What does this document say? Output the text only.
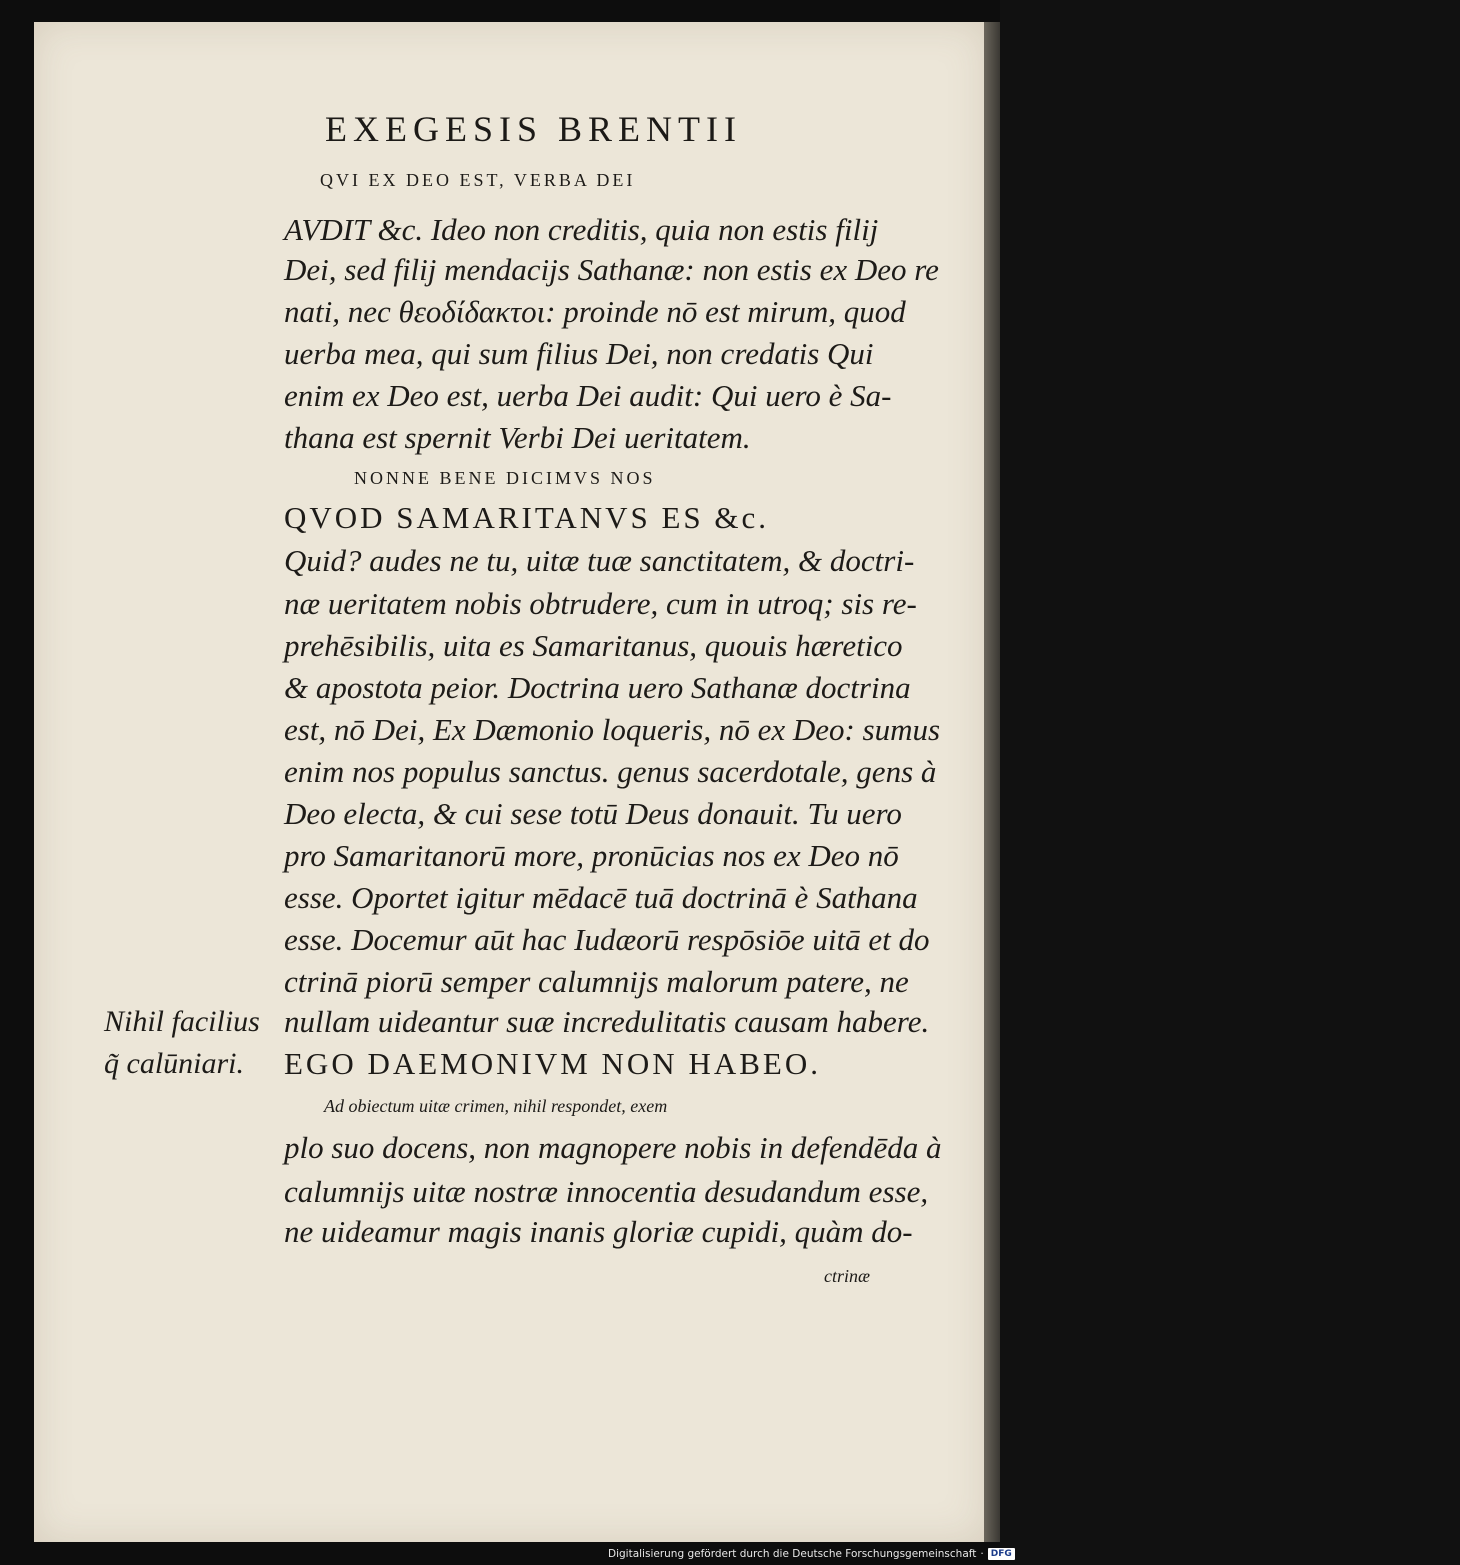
EXEGESIS BRENTII
QVI EX DEO EST, VERBA DEI
AVDIT &c. Ideo non creditis, quia non estis filij
Dei, sed filij mendacijs Sathanæ: non estis ex Deo re
nati, nec θεοδίδακτοι: proinde nō est mirum, quod
uerba mea, qui sum filius Dei, non credatis Qui
enim ex Deo est, uerba Dei audit: Qui uero è Sa-
thana est spernit Verbi Dei ueritatem.
NONNE BENE DICIMVS NOS
QVOD SAMARITANVS ES &c.
Quid? audes ne tu, uitæ tuæ sanctitatem, & doctri-
næ ueritatem nobis obtrudere, cum in utroq; sis re-
prehēsibilis, uita es Samaritanus, quouis hæretico
& apostota peior. Doctrina uero Sathanæ doctrina
est, nō Dei, Ex Dæmonio loqueris, nō ex Deo: sumus
enim nos populus sanctus. genus sacerdotale, gens à
Deo electa, & cui sese totū Deus donauit. Tu uero
pro Samaritanorū more, pronūcias nos ex Deo nō
esse. Oportet igitur mēdacē tuā doctrinā è Sathana
esse. Docemur aūt hac Iudæorū respōsiōe uitā et do
ctrinā piorū semper calumnijs malorum patere, ne
nullam uideantur suæ incredulitatis causam habere.
EGO DAEMONIVM NON HABEO.
Ad obiectum uitæ crimen, nihil respondet, exem
plo suo docens, non magnopere nobis in defendēda à
calumnijs uitæ nostræ innocentia desudandum esse,
ne uideamur magis inanis gloriæ cupidi, quàm do-
ctrinæ
Nihil facilius
q̃ calūniari.
Digitalisierung gefördert durch die Deutsche Forschungsgemeinschaft · DFG
